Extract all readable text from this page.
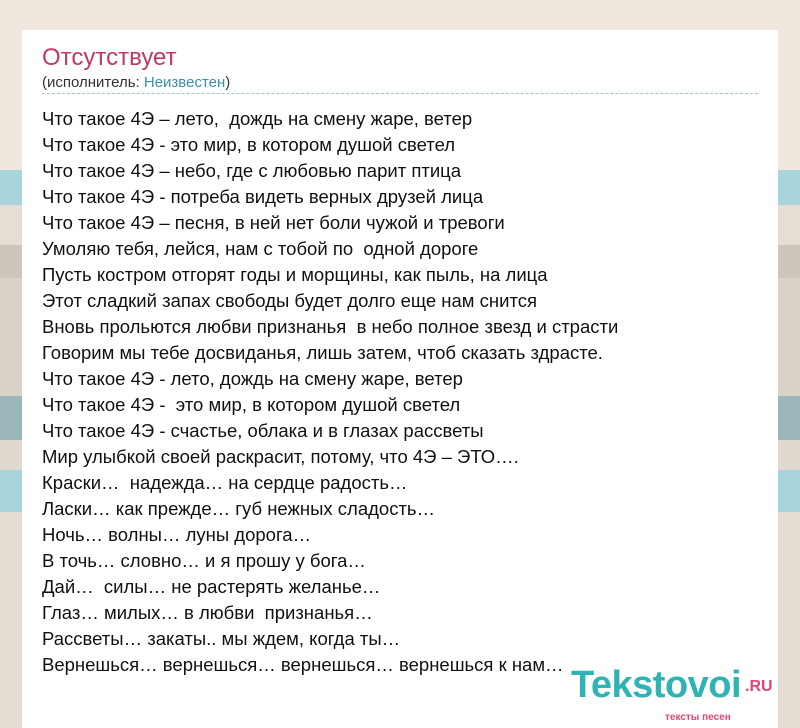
Отсутствует
(исполнитель: Неизвестен)
Что такое 4Э – лето,  дождь на смену жаре, ветер
Что такое 4Э - это мир, в котором душой светел
Что такое 4Э – небо, где с любовью парит птица
Что такое 4Э - потреба видеть верных друзей лица
Что такое 4Э – песня, в ней нет боли чужой и тревоги
Умоляю тебя, лейся, нам с тобой по  одной дороге
Пусть костром отгорят годы и морщины, как пыль, на лица
Этот сладкий запах свободы будет долго еще нам снится
Вновь прольются любви признанья  в небо полное звезд и страсти
Говорим мы тебе досвиданья, лишь затем, чтоб сказать здрасте.
Что такое 4Э - лето, дождь на смену жаре, ветер
Что такое 4Э -  это мир, в котором душой светел
Что такое 4Э - счастье, облака и в глазах рассветы
Мир улыбкой своей раскрасит, потому, что 4Э – ЭТО….
Краски…  надежда… на сердце радость…
Ласки… как прежде… губ нежных сладость…
Ночь… волны… луны дорога…
В точь… словно… и я прошу у бога…
Дай…  силы… не растерять желанье…
Глаз… милых… в любви  признанья…
Рассветы… закаты.. мы ждем, когда ты…
Вернешься… вернешься… вернешься… вернешься к нам… Tekstovoi .RU
тексты песен
